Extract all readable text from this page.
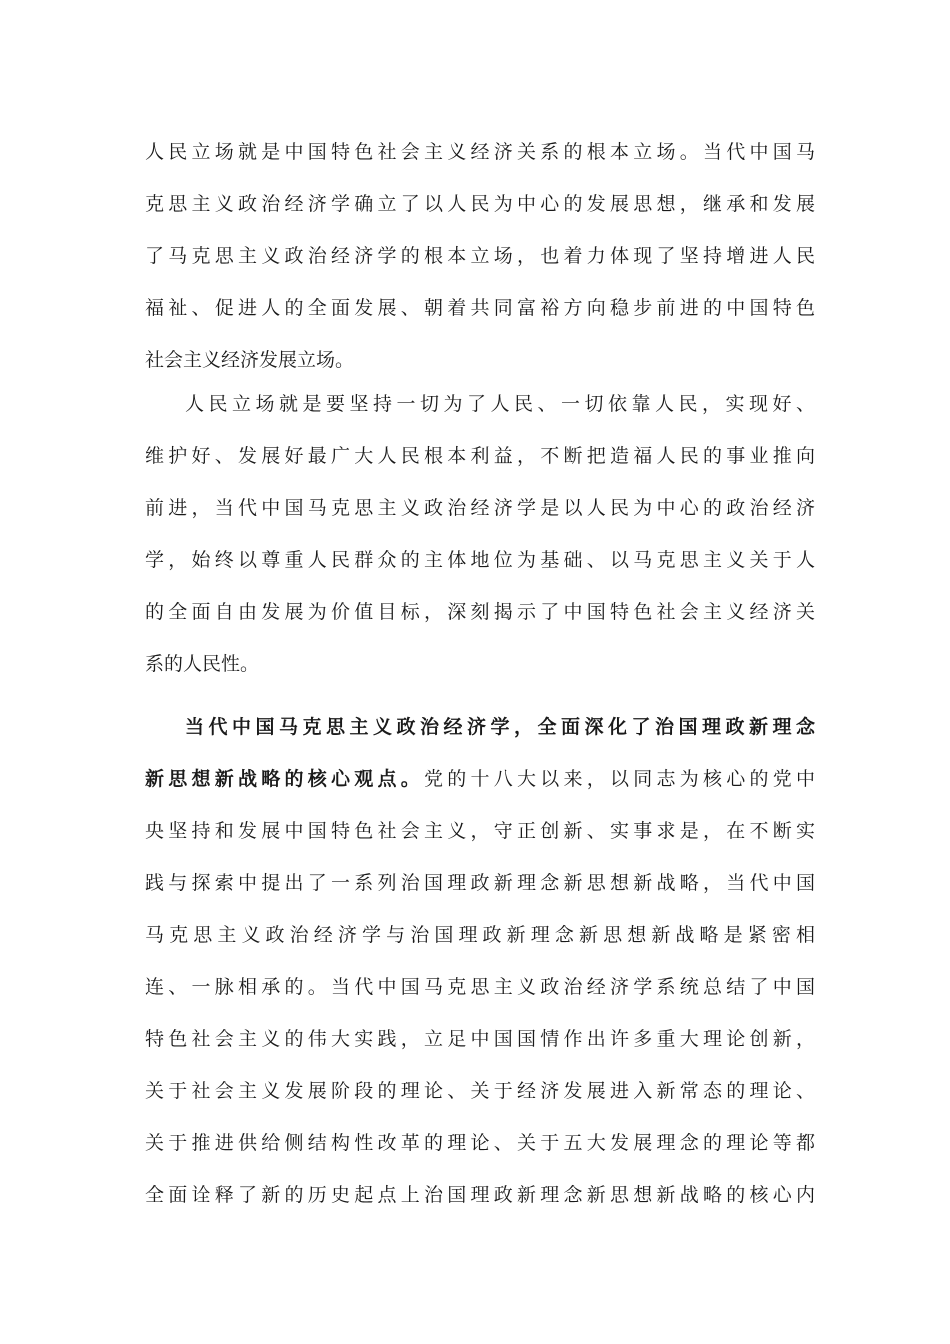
人民立场就是中国特色社会主义经济关系的根本立场。当代中国马
克思主义政治经济学确立了以人民为中心的发展思想，继承和发展
了马克思主义政治经济学的根本立场，也着力体现了坚持增进人民
福祉、促进人的全面发展、朝着共同富裕方向稳步前进的中国特色
社会主义经济发展立场。
人民立场就是要坚持一切为了人民、一切依靠人民，实现好、
维护好、发展好最广大人民根本利益，不断把造福人民的事业推向
前进，当代中国马克思主义政治经济学是以人民为中心的政治经济
学，始终以尊重人民群众的主体地位为基础、以马克思主义关于人
的全面自由发展为价值目标，深刻揭示了中国特色社会主义经济关
系的人民性。
当代中国马克思主义政治经济学，全面深化了治国理政新理念
新思想新战略的核心观点。党的十八大以来，以同志为核心的党中
央坚持和发展中国特色社会主义，守正创新、实事求是，在不断实
践与探索中提出了一系列治国理政新理念新思想新战略，当代中国
马克思主义政治经济学与治国理政新理念新思想新战略是紧密相
连、一脉相承的。当代中国马克思主义政治经济学系统总结了中国
特色社会主义的伟大实践，立足中国国情作出许多重大理论创新，
关于社会主义发展阶段的理论、关于经济发展进入新常态的理论、
关于推进供给侧结构性改革的理论、关于五大发展理念的理论等都
全面诠释了新的历史起点上治国理政新理念新思想新战略的核心内
